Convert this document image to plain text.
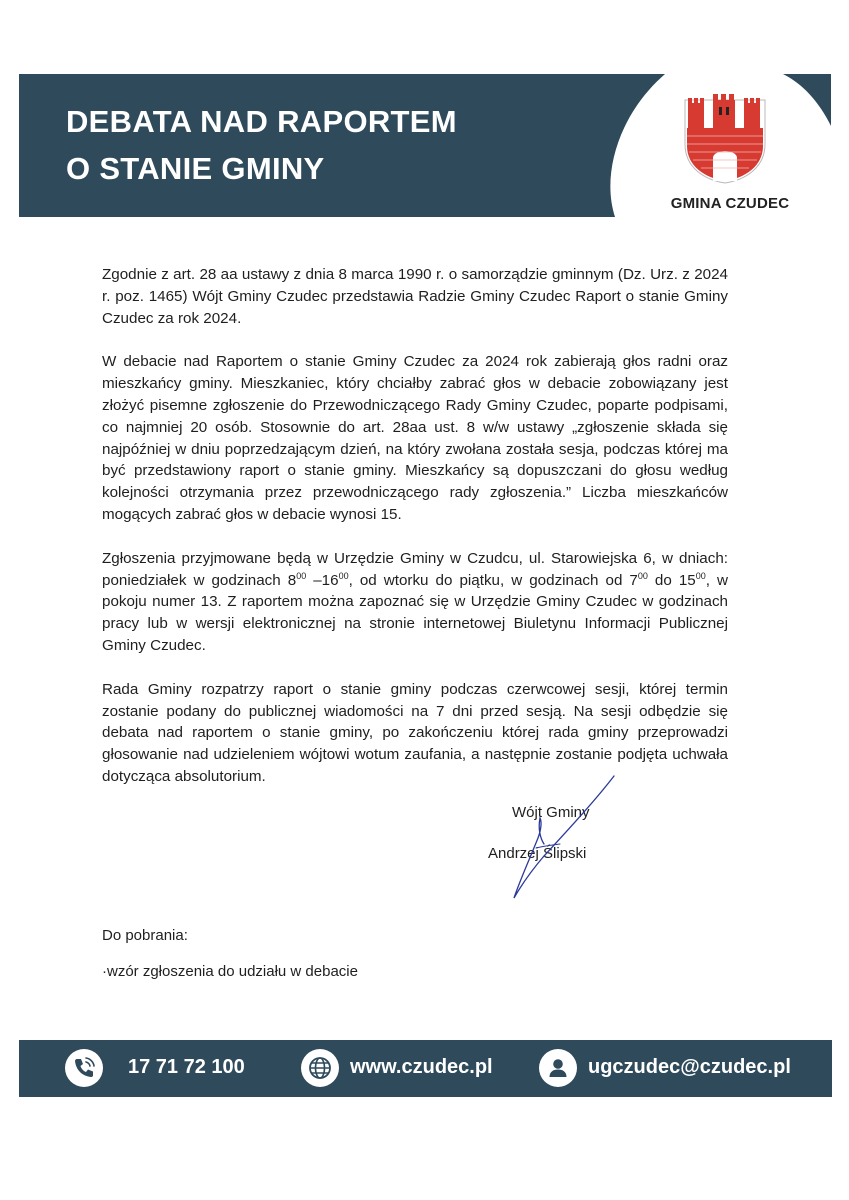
DEBATA NAD RAPORTEM
O STANIE GMINY
GMINA CZUDEC

Zgodnie z art. 28 aa ustawy z dnia 8 marca 1990 r. o samorządzie gminnym (Dz. Urz. z 2024 r. poz. 1465) Wójt Gminy Czudec przedstawia Radzie Gminy Czudec Raport o stanie Gminy Czudec za rok 2024.

W debacie nad Raportem o stanie Gminy Czudec za 2024 rok zabierają głos radni oraz mieszkańcy gminy. Mieszkaniec, który chciałby zabrać głos w debacie zobowiązany jest złożyć pisemne zgłoszenie do Przewodniczącego Rady Gminy Czudec, poparte podpisami, co najmniej 20 osób. Stosownie do art. 28aa ust. 8 w/w ustawy „zgłoszenie składa się najpóźniej w dniu poprzedzającym dzień, na który zwołana została sesja, podczas której ma być przedstawiony raport o stanie gminy. Mieszkańcy są dopuszczani do głosu według kolejności otrzymania przez przewodniczącego rady zgłoszenia.” Liczba mieszkańców mogących zabrać głos w debacie wynosi 15.

Zgłoszenia przyjmowane będą w Urzędzie Gminy w Czudcu, ul. Starowiejska 6, w dniach: poniedziałek w godzinach $8^{00}$ $-16^{00}$, od wtorku do piątku, w godzinach od $7^{00}$ do $15^{00}$, w pokoju numer 13. Z raportem można zapoznać się w Urzędzie Gminy Czudec w godzinach pracy lub w wersji elektronicznej na stronie internetowej Biuletynu Informacji Publicznej Gminy Czudec.

Rada Gminy rozpatrzy raport o stanie gminy podczas czerwcowej sesji, której termin zostanie podany do publicznej wiadomości na 7 dni przed sesją. Na sesji odbędzie się debata nad raportem o stanie gminy, po zakończeniu której rada gminy przeprowadzi głosowanie nad udzieleniem wójtowi wotum zaufania, a następnie zostanie podjęta uchwała dotycząca absolutorium.

Wójt Gminy
Andrzej Ślipski
Do pobrania:
·wzór zgłoszenia do udziału w debacie
17 71 72 100	www.czudec.pl	ugczudec@czudec.pl
